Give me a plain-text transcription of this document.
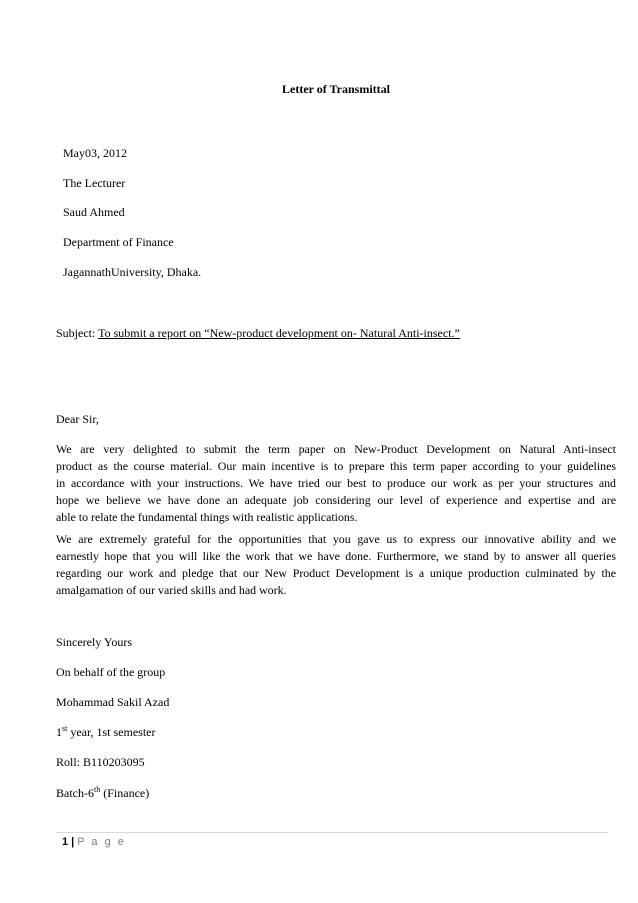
Letter of Transmittal
May03, 2012
The Lecturer
Saud Ahmed
Department of Finance
JagannathUniversity, Dhaka.
Subject: To submit a report on “New-product development on- Natural Anti-insect.”
Dear Sir,
We are very delighted to submit the term paper on New-Product Development on Natural Anti-insect
product as the course material. Our main incentive is to prepare this term paper according to your guidelines
in accordance with your instructions. We have tried our best to produce our work as per your structures and
hope we believe we have done an adequate job considering our level of experience and expertise and are
able to relate the fundamental things with realistic applications.
We are extremely grateful for the opportunities that you gave us to express our innovative ability and we
earnestly hope that you will like the work that we have done. Furthermore, we stand by to answer all queries
regarding our work and pledge that our New Product Development is a unique production culminated by the
amalgamation of our varied skills and had work.
Sincerely Yours
On behalf of the group
Mohammad Sakil Azad
1st year, 1st semester
Roll: B110203095
Batch-6th (Finance)
1 | P a g e
